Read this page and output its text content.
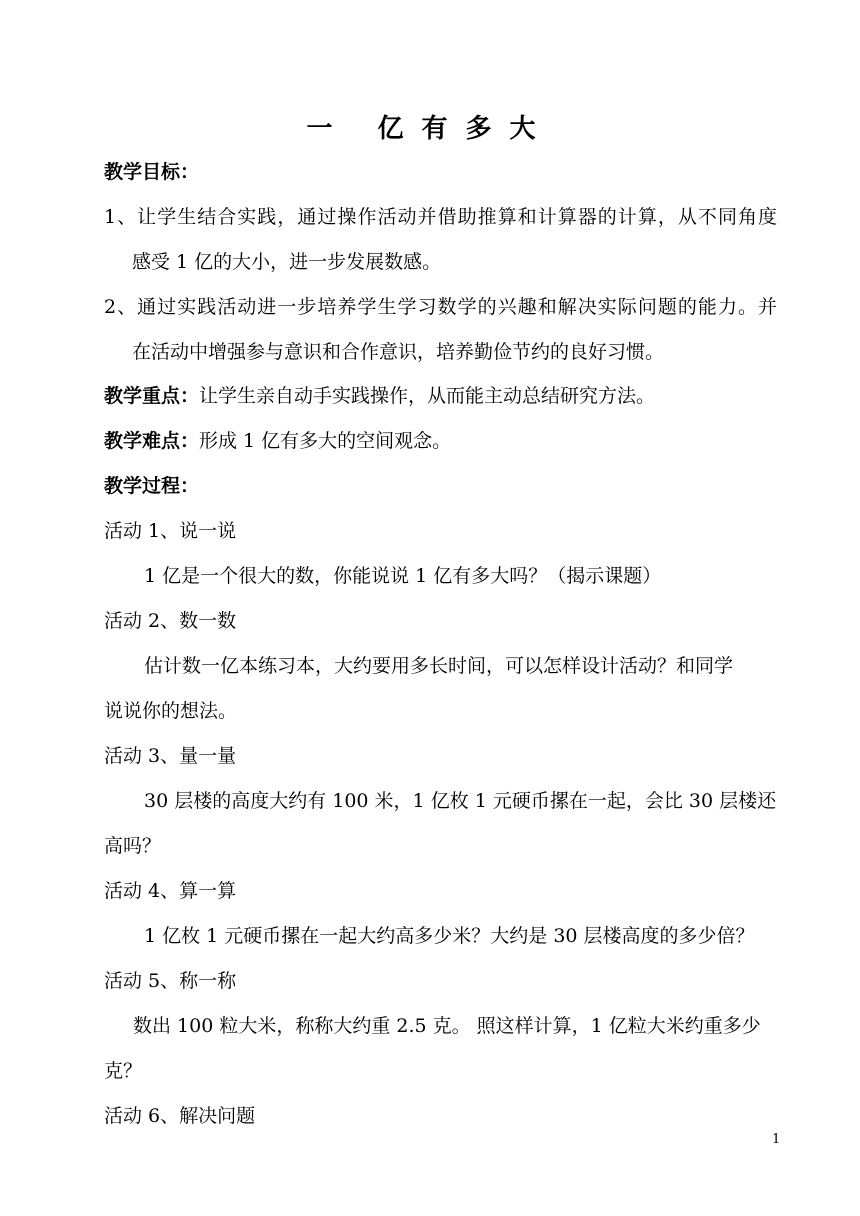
一 亿有多大
教学目标：
1、让学生结合实践，通过操作活动并借助推算和计算器的计算，从不同角度
感受 1 亿的大小，进一步发展数感。
2、通过实践活动进一步培养学生学习数学的兴趣和解决实际问题的能力。并
在活动中增强参与意识和合作意识，培养勤俭节约的良好习惯。
教学重点：让学生亲自动手实践操作，从而能主动总结研究方法。
教学难点：形成 1 亿有多大的空间观念。
教学过程：
活动 1、说一说
1 亿是一个很大的数，你能说说 1 亿有多大吗？（揭示课题）
活动 2、数一数
估计数一亿本练习本，大约要用多长时间，可以怎样设计活动？和同学
说说你的想法。
活动 3、量一量
30 层楼的高度大约有 100 米，1 亿枚 1 元硬币摞在一起，会比 30 层楼还
高吗？
活动 4、算一算
1 亿枚 1 元硬币摞在一起大约高多少米？大约是 30 层楼高度的多少倍？
活动 5、称一称
数出 100 粒大米，称称大约重 2.5 克。 照这样计算，1 亿粒大米约重多少
克？
活动 6、解决问题
1
